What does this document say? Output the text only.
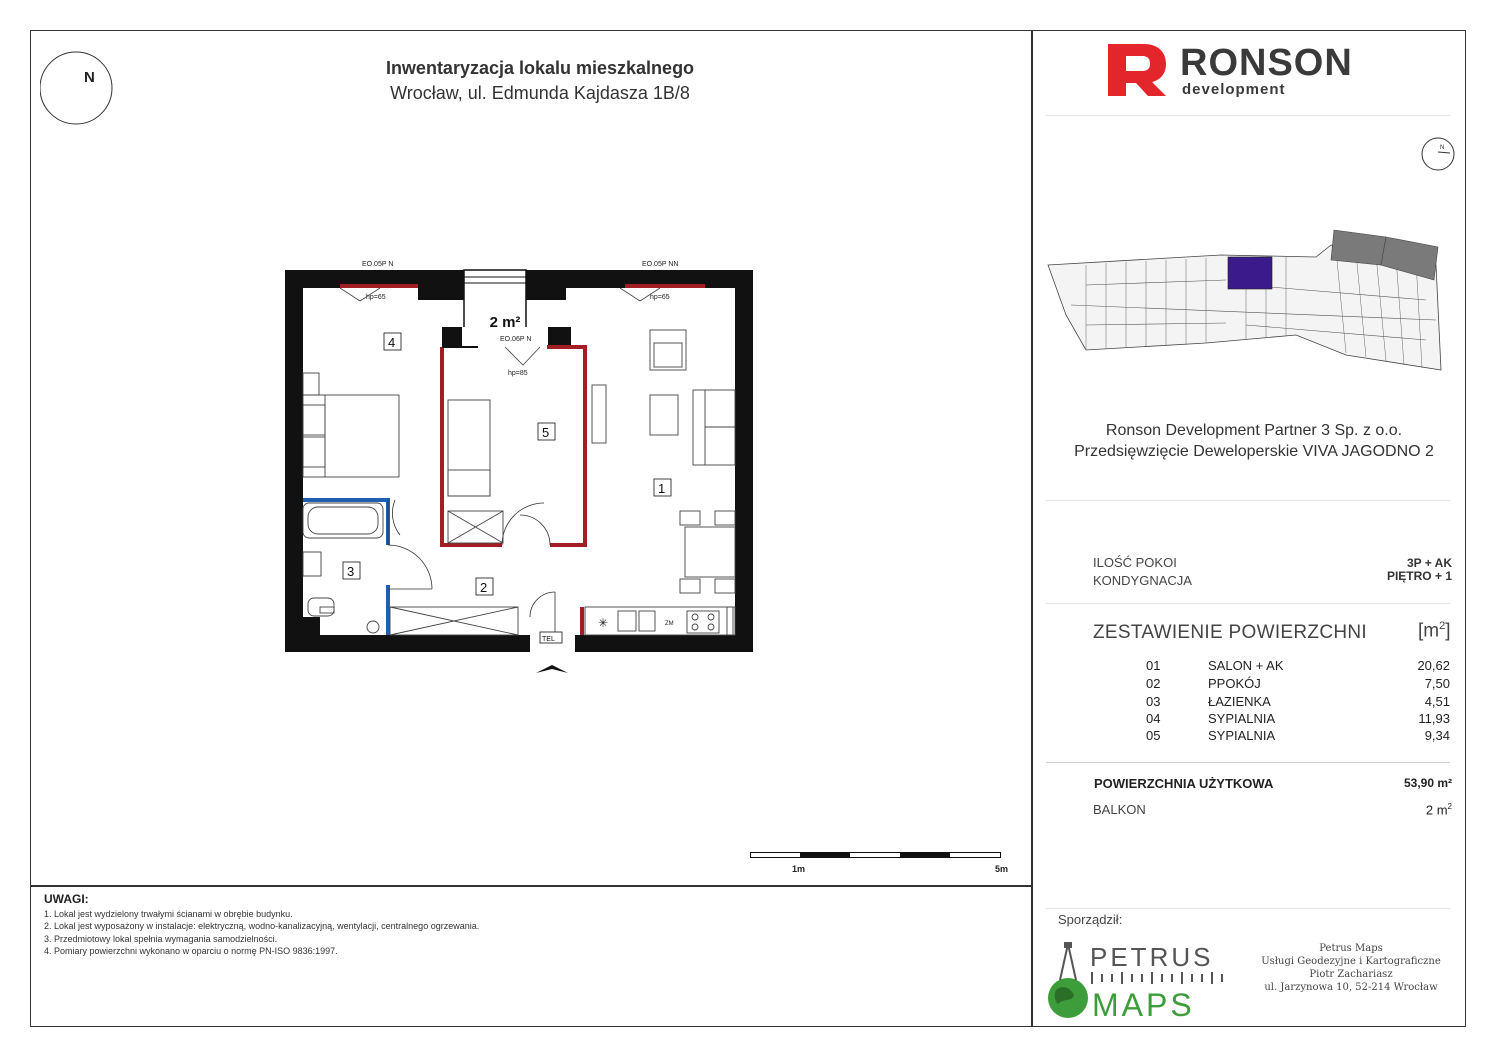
N	Inwentaryzacja lokalu mieszkalnego
Wrocław, ul. Edmunda Kajdasza 1B/8
2 m²
EO.05P N	EO.05P NN
EO.06P N
hp=65	hp=65
hp=85
ZM
✳
4
5
1
3
2
TEL
1m	5m
UWAGI:
1. Lokal jest wydzielony trwałymi ścianami w obrębie budynku.
2. Lokal jest wyposażony w instalacje: elektryczną, wodno-kanalizacyjną, wentylacji, centralnego ogrzewania.
3. Przedmiotowy lokal spełnia wymagania samodzielności.
4. Pomiary powierzchni wykonano w oparciu o normę PN-ISO 9836:1997.
RONSON
development
N
Ronson Development Partner 3 Sp. z o.o.
Przedsięwzięcie Deweloperskie VIVA JAGODNO 2
ILOŚĆ POKOI	3P + AK
KONDYGNACJA	PIĘTRO + 1
ZESTAWIENIE POWIERZCHNI	$[m^2]$
01	SALON + AK	20,62
02	PPOKÓJ	7,50
03	ŁAZIENKA	4,51
04	SYPIALNIA	11,93
05	SYPIALNIA	9,34
POWIERZCHNIA UŻYTKOWA	53,90 m²
BALKON	2 $m^2$
Sporządził:
PETRUS
MAPS
Petrus Maps
Usługi Geodezyjne i Kartograficzne
Piotr Zachariasz
ul. Jarzynowa 10, 52-214 Wrocław
